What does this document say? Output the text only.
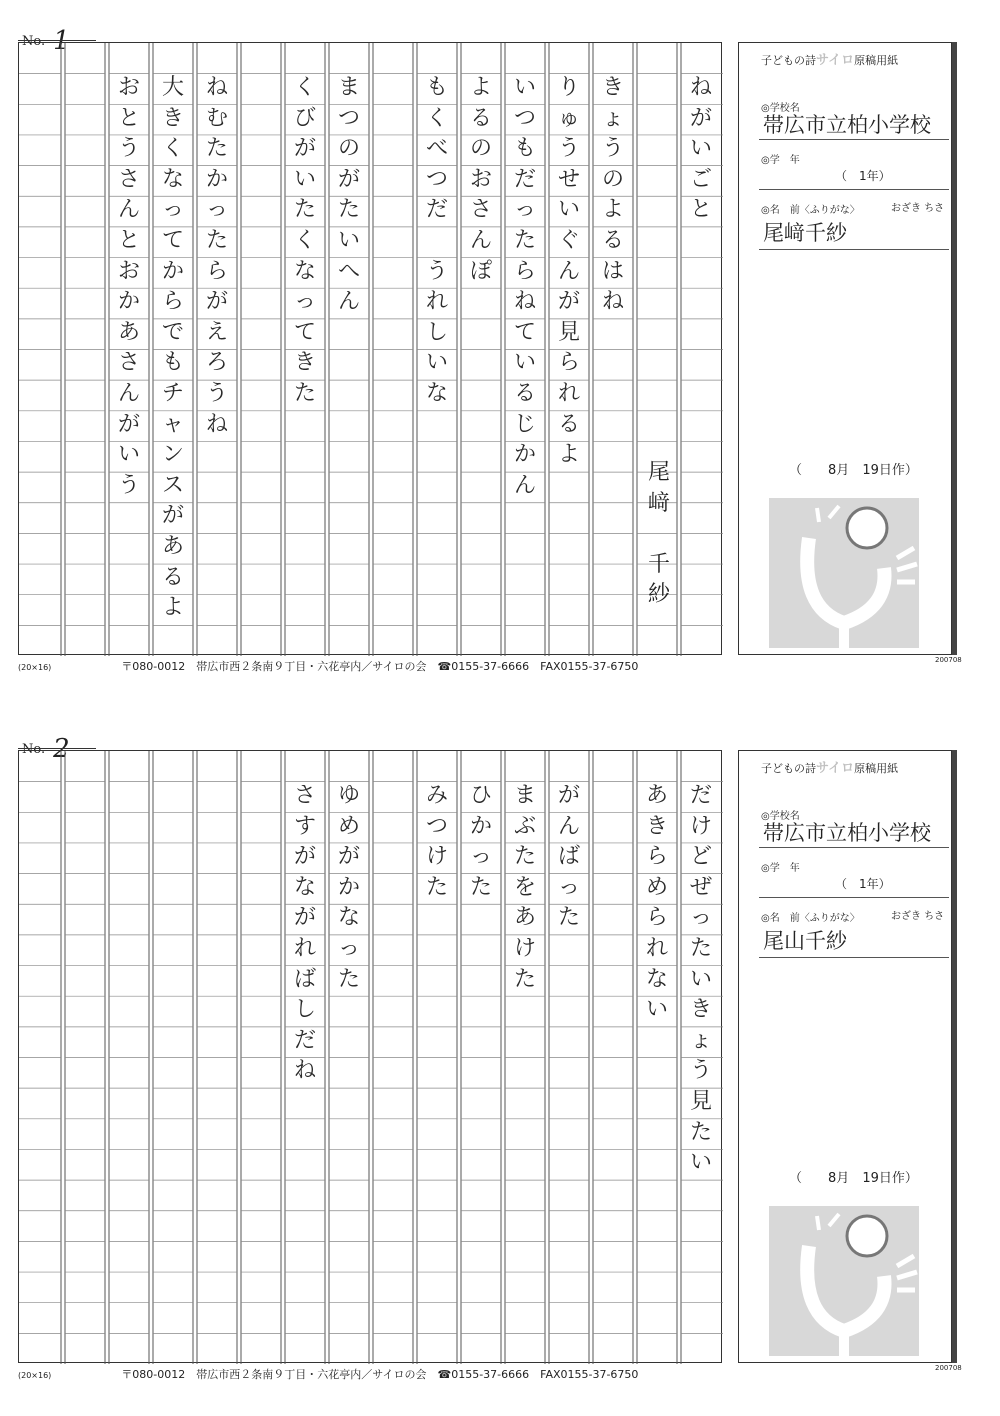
No. 1
ね
が
い
ご
と
き
ょ
う
の
よ
る
は
ね
り
ゅ
う
せ
い
ぐ
ん
が
見
ら
れ
る
よ
い
つ
も
だ
っ
た
ら
ね
て
い
る
じ
か
ん
よ
る
の
お
さ
ん
ぽ
も
く
べ
つ
だ

う
れ
し
い
な
ま
つ
の
が
た
い
へ
ん
く
び
が
い
た
く
な
っ
て
き
た
ね
む
た
か
っ
た
ら
が
え
ろ
う
ね
大
き
く
な
っ
て
か
ら
で
も
チ
ャ
ン
ス
が
あ
る
よ
お
と
う
さ
ん
と
お
か
あ
さ
ん
が
い
う
尾
﨑

千
紗
子どもの詩サイロ原稿用紙
◎学校名
帯広市立柏小学校
◎学　年
（　1年）
◎名　前〈ふりがな〉	おざき ちさ
尾﨑千紗
（　　8月　19日作）
(20×16)	〒080-0012　帯広市西２条南９丁目・六花亭内／サイロの会　☎0155-37-6666　FAX0155-37-6750	200708
No. 2
だ
け
ど
ぜ
っ
た
い
き
ょ
う
見
た
い
あ
き
ら
め
ら
れ
な
い
が
ん
ば
っ
た
ま
ぶ
た
を
あ
け
た
ひ
か
っ
た
み
つ
け
た
ゆ
め
が
か
な
っ
た
さ
す
が
な
が
れ
ば
し
だ
ね
子どもの詩サイロ原稿用紙
◎学校名
帯広市立柏小学校
◎学　年
（　1年）
◎名　前〈ふりがな〉	おざき ちさ
尾山千紗
（　　8月　19日作）
(20×16)	〒080-0012　帯広市西２条南９丁目・六花亭内／サイロの会　☎0155-37-6666　FAX0155-37-6750	200708
